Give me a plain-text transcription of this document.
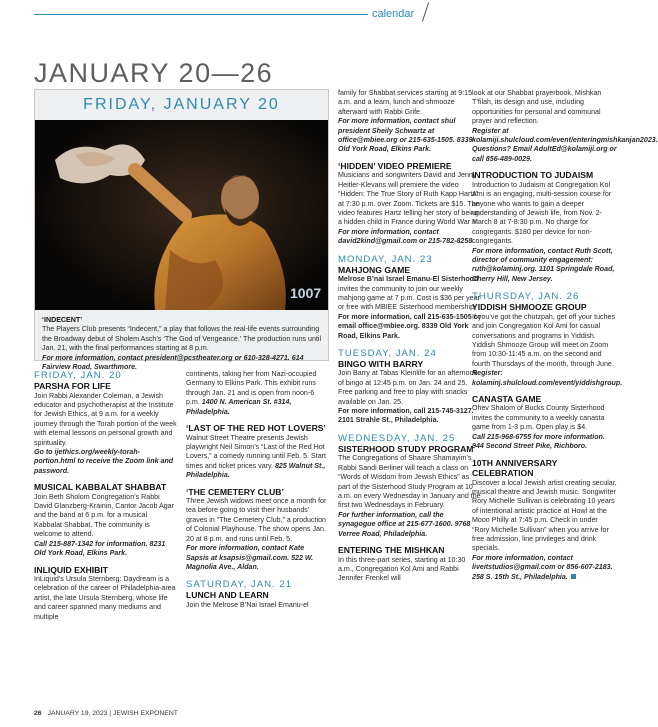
calendar
JANUARY 20—26
FRIDAY, JANUARY 20
1007
‘INDECENT’
The Players Club presents “Indecent,” a play that follows the real-life events surrounding the Broadway debut of Sholem Asch’s ‘The God of Vengeance.’ The production runs until Jan. 21, with the final performances starting at 8 p.m.
For more information, contact president@pcstheater.org or 610-328-4271. 614 Fairview Road, Swarthmore.
FRIDAY, JAN. 20
PARSHA FOR LIFE
Join Rabbi Alexander Coleman, a Jewish educator and psychotherapist at the Institute for Jewish Ethics, at 9 a.m. for a weekly journey through the Torah portion of the week with eternal lessons on personal growth and spirituality.
Go to ijethics.org/weekly-torah-portion.html to receive the Zoom link and password.
MUSICAL KABBALAT SHABBAT
Join Beth Sholom Congregation’s Rabbi David Glanzberg-Krainin, Cantor Jacob Agar and the band at 6 p.m. for a musical Kabbalat Shabbat. The community is welcome to attend.
Call 215-887-1342 for information. 8231 Old York Road, Elkins Park.
INLIQUID EXHIBIT
InLiquid’s Ursula Sternberg: Daydream is a celebration of the career of Philadelphia-area artist, the late Ursula Sternberg, whose life and career spanned many mediums and multiple

continents, taking her from Nazi-occupied Germany to Elkins Park. This exhibit runs through Jan. 21 and is open from noon-6 p.m. 1400 N. American St. #314, Philadelphia.

‘LAST OF THE RED HOT LOVERS’

Walnut Street Theatre presents Jewish playwright Neil Simon’s “Last of the Red Hot Lovers,” a comedy running until Feb. 5. Start times and ticket prices vary. 825 Walnut St., Philadelphia.

‘THE CEMETERY CLUB’
Three Jewish widows meet once a month for tea before going to visit their husbands’ graves in “The Cemetery Club,” a production of Colonial Playhouse. The show opens Jan. 20 at 8 p.m. and runs until Feb. 5.
For more information, contact Kate Sapsis at ksapsis@gmail.com. 522 W. Magnolia Ave., Aldan.
SATURDAY, JAN. 21
LUNCH AND LEARN
Join the Melrose B’Nai Israel Emanu-el
family for Shabbat services starting at 9:15 a.m. and a learn, lunch and shmooze afterward with Rabbi Grife.
For more information, contact shul president Sheily Schwartz at office@mbiee.org or 215-635-1505. 8339 Old York Road, Elkins Park.
‘HIDDEN’ VIDEO PREMIERE
Musicians and songwriters David and Jenny Heitler-Klevans will premiere the video “Hidden: The True Story of Ruth Kapp Hartz” at 7:30 p.m. over Zoom. Tickets are $15. The video features Hartz telling her story of being a hidden child in France during World War II.
For more information, contact david2kind@gmail.com or 215-782-8258.
MONDAY, JAN. 23
MAHJONG GAME

Melrose B’nai Israel Emanu-El Sisterhood invites the community to join our weekly mahjong game at 7 p.m. Cost is $36 per year or free with MBIEE Sisterhood membership. For more information, call 215-635-1505 or email office@mbiee.org. 8339 Old York Road, Elkins Park.

TUESDAY, JAN. 24
BINGO WITH BARRY
Join Barry at Tabas Kleinlife for an afternoon of bingo at 12:45 p.m. on Jan. 24 and 25. Free parking and free to play with snacks available on Jan. 25.
For more information, call 215-745-3127. 2101 Strahle St., Philadelphia.
WEDNESDAY, JAN. 25
SISTERHOOD STUDY PROGRAM
The Congregations of Shaare Shamayim’s Rabbi Sandi Berliner will teach a class on “Words of Wisdom from Jewish Ethics” as part of the Sisterhood Study Program at 10 a.m. on every Wednesday in January and the first two Wednesdays in February.
For further information, call the synagogue office at 215-677-1600. 9768 Verree Road, Philadelphia.
ENTERING THE MISHKAN
In this three-part series, starting at 10:30 a.m., Congregation Kol Ami and Rabbi Jennifer Frenkel will
look at our Shabbat prayerbook, Mishkan T’filah, its design and use, including opportunities for personal and communal prayer and reflection.
Register at kolamiji.shulcloud.com/event/enteringmishkanjan2023. Questions? Email AdultEd@kolamiji.org or call 856-489-0029.
INTRODUCTION TO JUDAISM
Introduction to Judaism at Congregation Kol Ami is an engaging, multi-session course for anyone who wants to gain a deeper understanding of Jewish life, from Nov. 2-March 8 at 7-8:30 p.m. No charge for congregants. $180 per device for non-congregants.
For more information, contact Ruth Scott, director of community engagement: ruth@kolaminj.org. 1101 Springdale Road, Cherry Hill, New Jersey.
THURSDAY, JAN. 26
YIDDISH SHMOOZE GROUP
If you’ve got the chutzpah, get off your tuches and join Congregation Kol Ami for casual conversations and programs in Yiddish. Yiddish Shmooze Group will meet on Zoom from 10:30-11:45 a.m. on the second and fourth Thursdays of the month, through June.
Register: kolaminj.shulcloud.com/event/yiddishgroup.
CANASTA GAME
Ohev Shalom of Bucks County Sisterhood invites the community to a weekly canasta game from 1-3 p.m. Open play is $4.
Call 215-968-6755 for more information. 944 Second Street Pike, Richboro.
10TH ANNIVERSARY CELEBRATION
Discover a local Jewish artist creating secular, musical theatre and Jewish music. Songwriter Rory Michelle Sullivan is celebrating 10 years of intentional artistic practice at Howl at the Moon Philly at 7:45 p.m. Check in under “Rory Michelle Sullivan” when you arrive for free admission, line privileges and drink specials.

For more information, contact liveitstudios@gmail.com or 856-607-2183. 258 S. 15th St., Philadelphia.

26 JANUARY 19, 2023 | JEWISH EXPONENT
